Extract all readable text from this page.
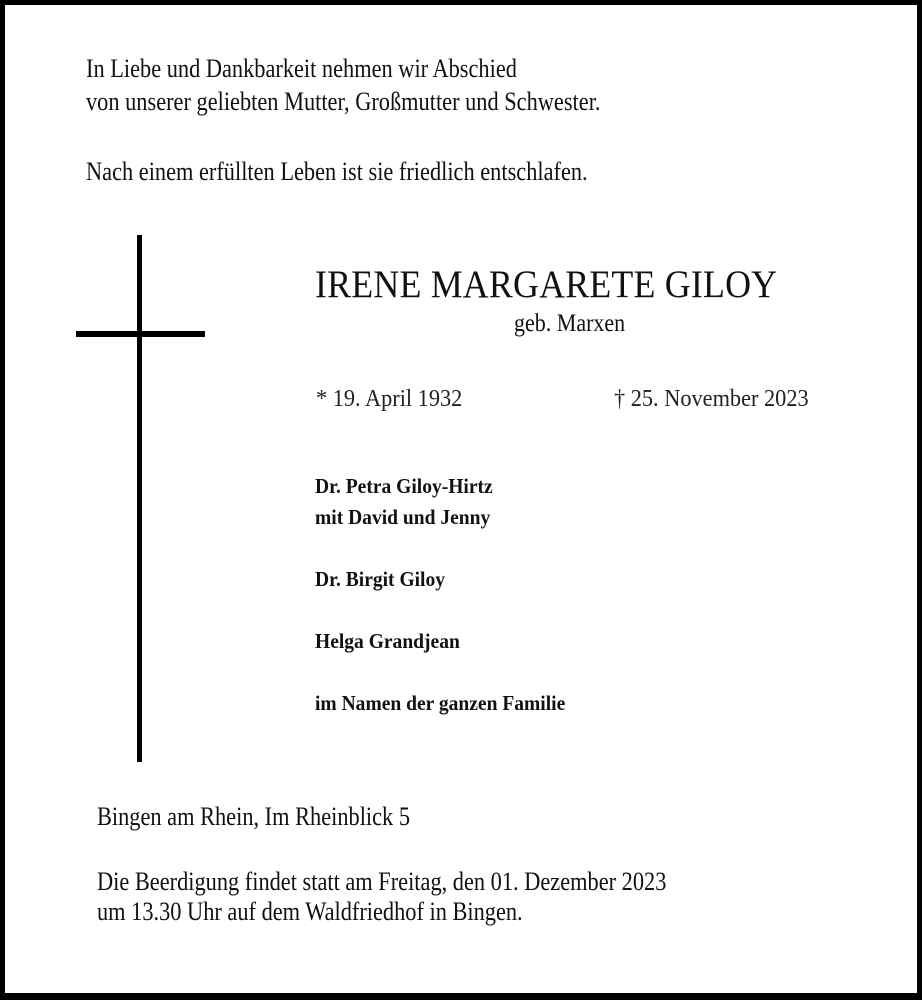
In Liebe und Dankbarkeit nehmen wir Abschied
von unserer geliebten Mutter, Großmutter und Schwester.
Nach einem erfüllten Leben ist sie friedlich entschlafen.
IRENE MARGARETE GILOY
geb. Marxen
* 19. April 1932	† 25. November 2023
Dr. Petra Giloy-Hirtz
mit David und Jenny
Dr. Birgit Giloy
Helga Grandjean
im Namen der ganzen Familie
Bingen am Rhein, Im Rheinblick 5
Die Beerdigung findet statt am Freitag, den 01. Dezember 2023
um 13.30 Uhr auf dem Waldfriedhof in Bingen.
